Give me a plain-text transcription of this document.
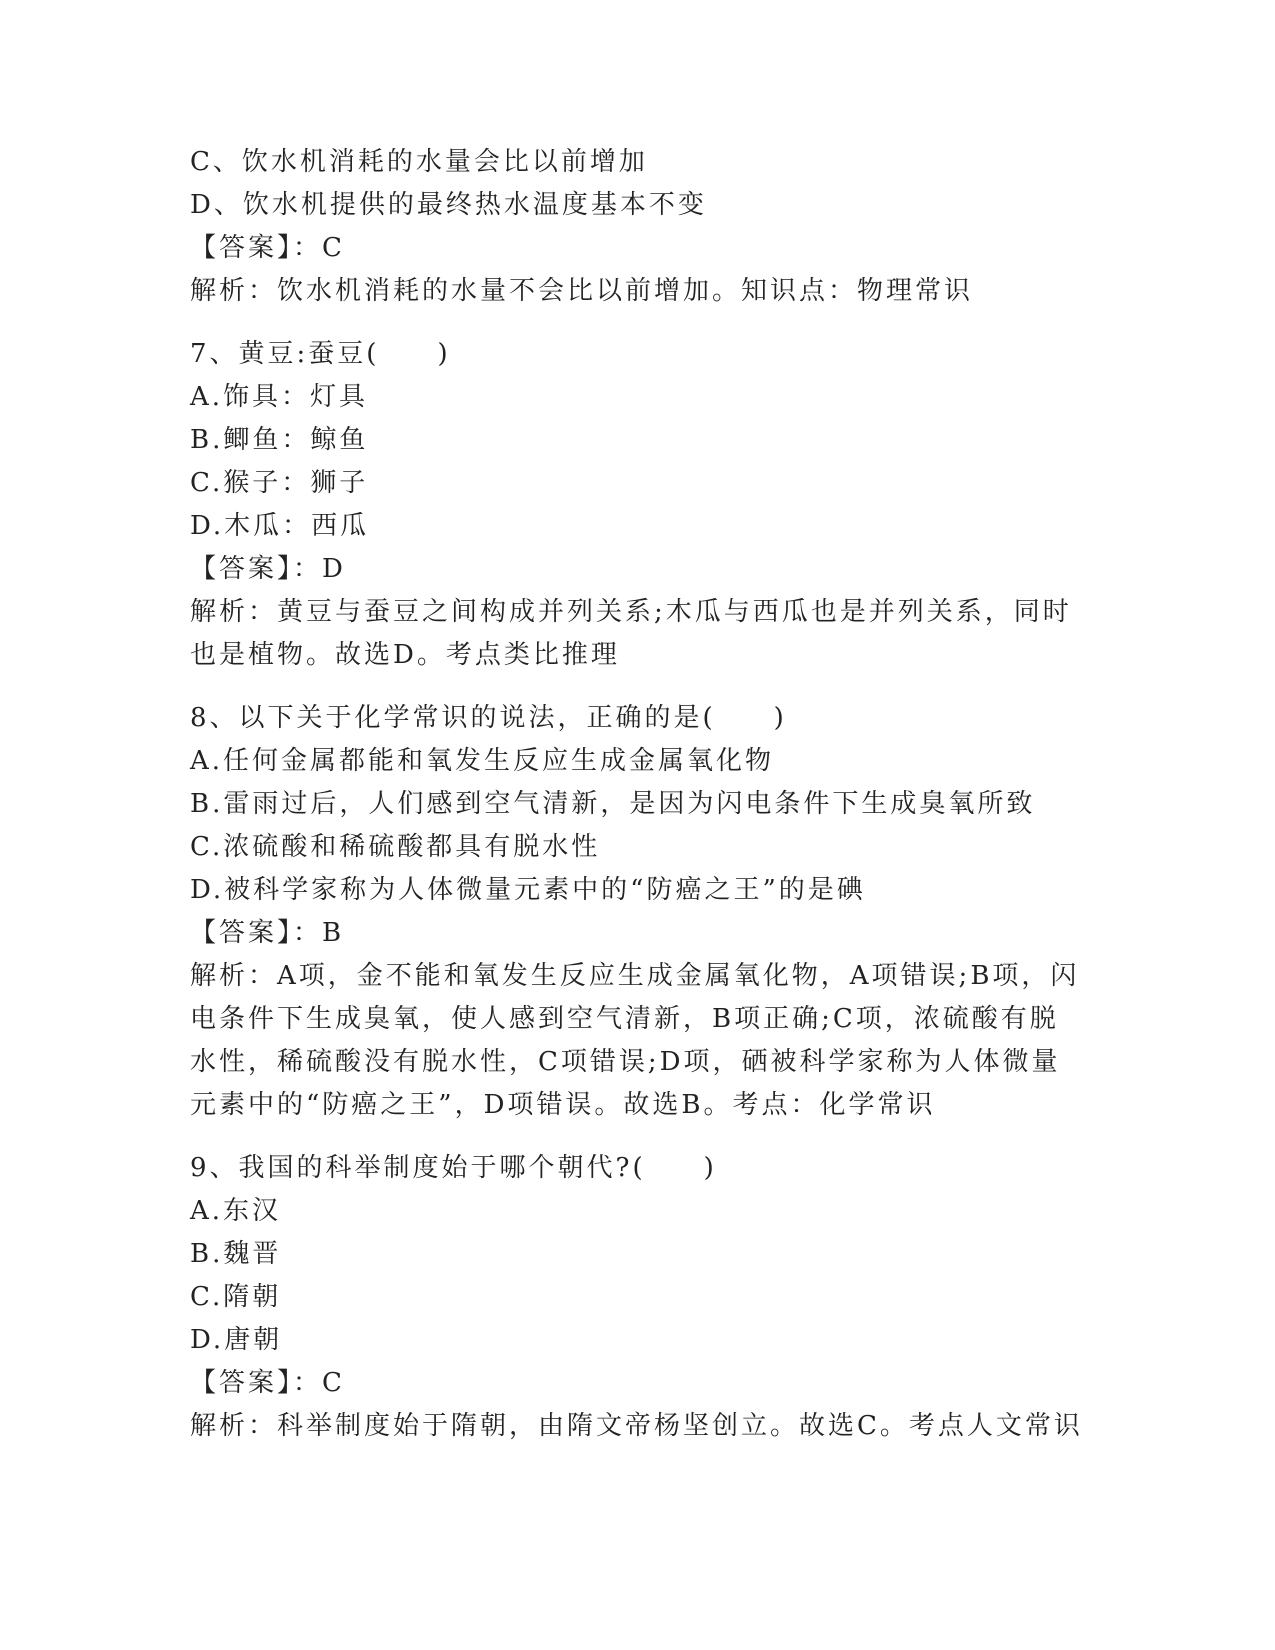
C、饮水机消耗的水量会比以前增加
D、饮水机提供的最终热水温度基本不变
【答案】：C
解析：饮水机消耗的水量不会比以前增加。知识点：物理常识
7、黄豆:蚕豆(　　)
A.饰具：灯具
B.鲫鱼：鲸鱼
C.猴子：狮子
D.木瓜：西瓜
【答案】：D
解析：黄豆与蚕豆之间构成并列关系;木瓜与西瓜也是并列关系，同时
也是植物。故选D。考点类比推理
8、以下关于化学常识的说法，正确的是(　　)
A.任何金属都能和氧发生反应生成金属氧化物
B.雷雨过后，人们感到空气清新，是因为闪电条件下生成臭氧所致
C.浓硫酸和稀硫酸都具有脱水性
D.被科学家称为人体微量元素中的“防癌之王”的是碘
【答案】：B
解析：A项，金不能和氧发生反应生成金属氧化物，A项错误;B项，闪
电条件下生成臭氧，使人感到空气清新，B项正确;C项，浓硫酸有脱
水性，稀硫酸没有脱水性，C项错误;D项，硒被科学家称为人体微量
元素中的“防癌之王”，D项错误。故选B。考点：化学常识
9、我国的科举制度始于哪个朝代?(　　)
A.东汉
B.魏晋
C.隋朝
D.唐朝
【答案】：C
解析：科举制度始于隋朝，由隋文帝杨坚创立。故选C。考点人文常识
